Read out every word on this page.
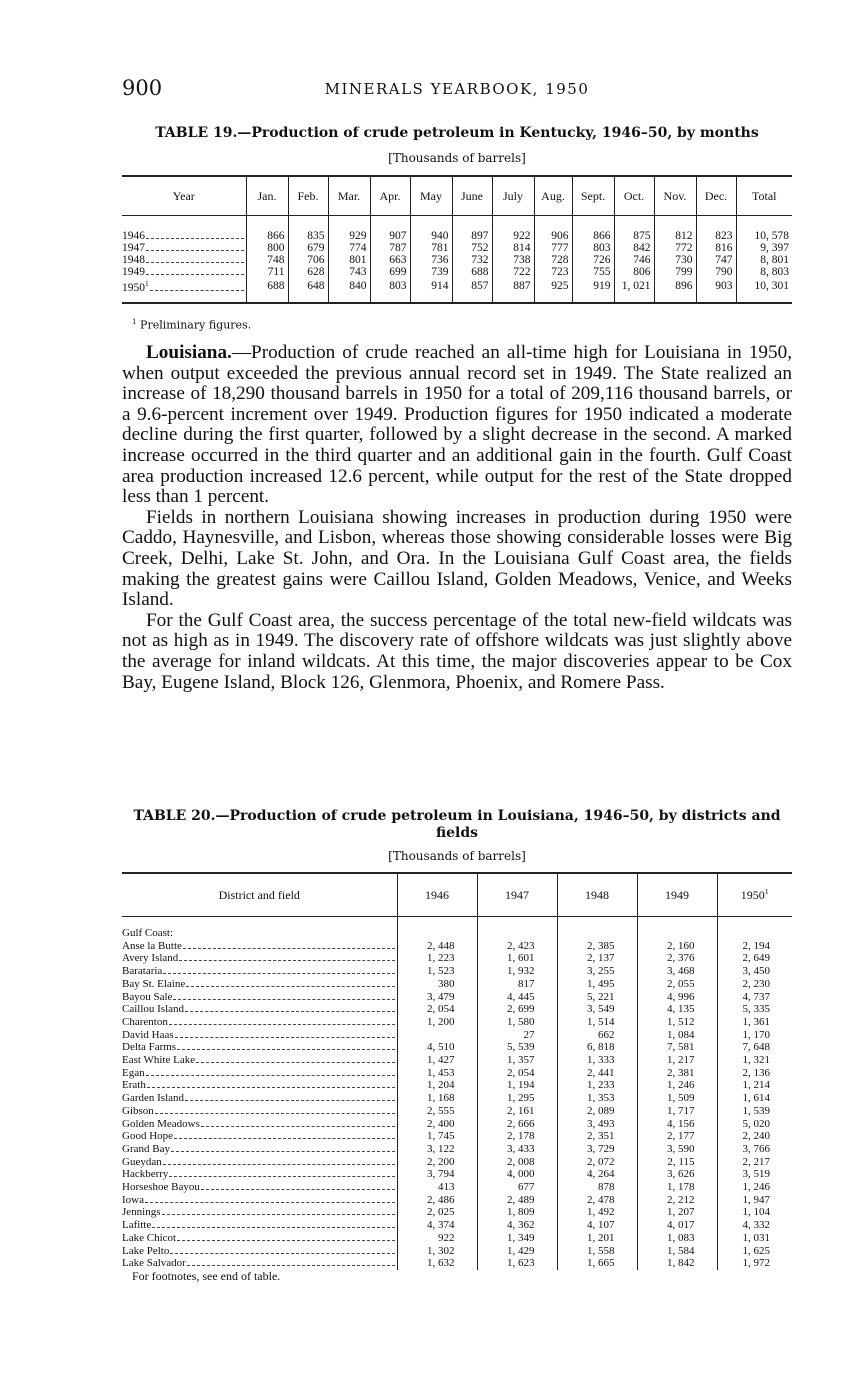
900	MINERALS YEARBOOK, 1950
TABLE 19.—Production of crude petroleum in Kentucky, 1946–50, by months
[Thousands of barrels]
Year	Jan.	Feb.	Mar.	Apr.	May	June	July	Aug.	Sept.	Oct.	Nov.	Dec.	Total

1946	866	835	929	907	940	897	922	906	866	875	812	823	10, 578

1947	800	679	774	787	781	752	814	777	803	842	772	816	9, 397

1948	748	706	801	663	736	732	738	728	726	746	730	747	8, 801

1949	711	628	743	699	739	688	722	723	755	806	799	790	8, 803

1950$^1$	688	648	840	803	914	857	887	925	919	1, 021	896	903	10, 301
$^1$ Preliminary figures.

Louisiana.—Production of crude reached an all-time high for Louisiana in 1950, when output exceeded the previous annual record set in 1949. The State realized an increase of 18,290 thousand barrels in 1950 for a total of 209,116 thousand barrels, or a 9.6-percent increment over 1949. Production figures for 1950 indicated a moderate decline during the first quarter, followed by a slight decrease in the second. A marked increase occurred in the third quarter and an additional gain in the fourth. Gulf Coast area production increased 12.6 percent, while output for the rest of the State dropped less than 1 percent.

Fields in northern Louisiana showing increases in production during 1950 were Caddo, Haynesville, and Lisbon, whereas those showing considerable losses were Big Creek, Delhi, Lake St. John, and Ora. In the Louisiana Gulf Coast area, the fields making the greatest gains were Caillou Island, Golden Meadows, Venice, and Weeks Island.

For the Gulf Coast area, the success percentage of the total new-field wildcats was not as high as in 1949. The discovery rate of offshore wildcats was just slightly above the average for inland wildcats. At this time, the major discoveries appear to be Cox Bay, Eugene Island, Block 126, Glenmora, Phoenix, and Romere Pass.

TABLE 20.—Production of crude petroleum in Louisiana, 1946–50, by districts and
fields
[Thousands of barrels]
District and field	1946	1947	1948	1949	1950$^1$
Gulf Coast:					

Anse la Butte	2, 448	2, 423	2, 385	2, 160	2, 194

Avery Island	1, 223	1, 601	2, 137	2, 376	2, 649

Barataria	1, 523	1, 932	3, 255	3, 468	3, 450

Bay St. Elaine	380	817	1, 495	2, 055	2, 230

Bayou Sale	3, 479	4, 445	5, 221	4, 996	4, 737

Caillou Island	2, 054	2, 699	3, 549	4, 135	5, 335

Charenton	1, 200	1, 580	1, 514	1, 512	1, 361

David Haas		27	662	1, 084	1, 170

Delta Farms	4, 510	5, 539	6, 818	7, 581	7, 648

East White Lake	1, 427	1, 357	1, 333	1, 217	1, 321

Egan	1, 453	2, 054	2, 441	2, 381	2, 136

Erath	1, 204	1, 194	1, 233	1, 246	1, 214

Garden Island	1, 168	1, 295	1, 353	1, 509	1, 614

Gibson	2, 555	2, 161	2, 089	1, 717	1, 539

Golden Meadows	2, 400	2, 666	3, 493	4, 156	5, 020

Good Hope	1, 745	2, 178	2, 351	2, 177	2, 240

Grand Bay	3, 122	3, 433	3, 729	3, 590	3, 766

Gueydan	2, 200	2, 008	2, 072	2, 115	2, 217

Hackberry	3, 794	4, 000	4, 264	3, 626	3, 519

Horseshoe Bayou	413	677	878	1, 178	1, 246

Iowa	2, 486	2, 489	2, 478	2, 212	1, 947

Jennings	2, 025	1, 809	1, 492	1, 207	1, 104

Lafitte	4, 374	4, 362	4, 107	4, 017	4, 332

Lake Chicot	922	1, 349	1, 201	1, 083	1, 031

Lake Pelto	1, 302	1, 429	1, 558	1, 584	1, 625

Lake Salvador	1, 632	1, 623	1, 665	1, 842	1, 972
For footnotes, see end of table.
